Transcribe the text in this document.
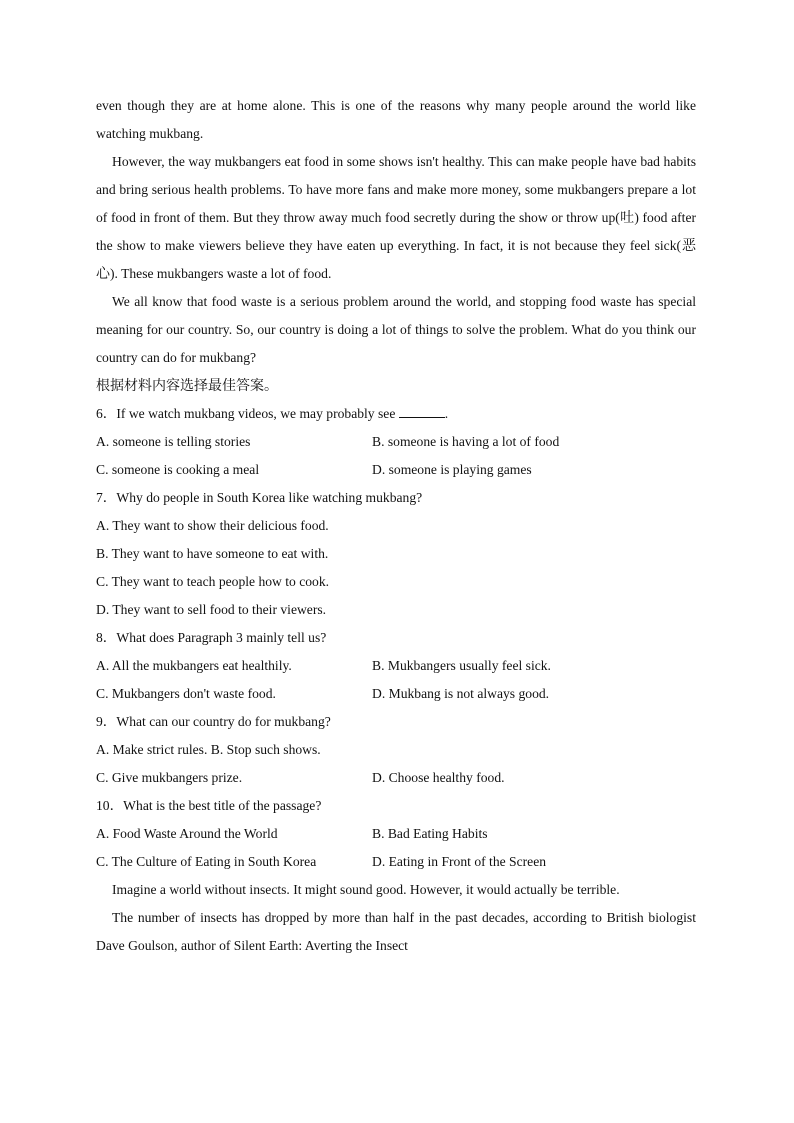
even though they are at home alone. This is one of the reasons why many people around the world like watching mukbang.

However, the way mukbangers eat food in some shows isn't healthy. This can make people have bad habits and bring serious health problems. To have more fans and make more money, some mukbangers prepare a lot of food in front of them. But they throw away much food secretly during the show or throw up(吐) food after the show to make viewers believe they have eaten up everything. In fact, it is not because they feel sick(恶心). These mukbangers waste a lot of food.

We all know that food waste is a serious problem around the world, and stopping food waste has special meaning for our country. So, our country is doing a lot of things to solve the problem. What do you think our country can do for mukbang?

根据材料内容选择最佳答案。

6．If we watch mukbang videos, we may probably see	.

A. someone is telling stories	B. someone is having a lot of food
C. someone is cooking a meal	D. someone is playing games

7．Why do people in South Korea like watching mukbang?

A. They want to show their delicious food.

B. They want to have someone to eat with.

C. They want to teach people how to cook.

D. They want to sell food to their viewers.

8．What does Paragraph 3 mainly tell us?

A. All the mukbangers eat healthily.	B. Mukbangers usually feel sick.
C. Mukbangers don't waste food.	D. Mukbang is not always good.

9．What can our country do for mukbang?

A. Make strict rules. B. Stop such shows.

C. Give mukbangers prize.	D. Choose healthy food.

10．What is the best title of the passage?

A. Food Waste Around the World	B. Bad Eating Habits
C. The Culture of Eating in South Korea	D. Eating in Front of the Screen

Imagine a world without insects. It might sound good. However, it would actually be terrible.

The number of insects has dropped by more than half in the past decades, according to British biologist Dave Goulson, author of Silent Earth: Averting the Insect
